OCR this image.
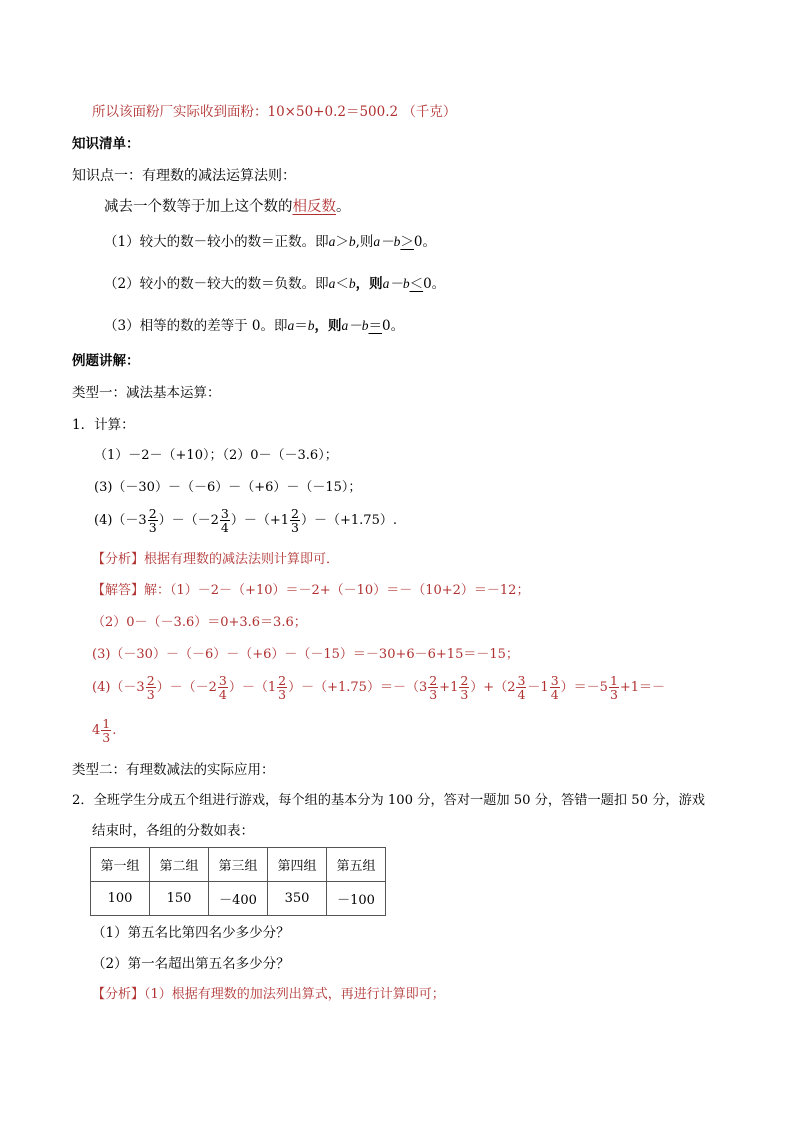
所以该面粉厂实际收到面粉：10×50+0.2＝500.2 （千克）
知识清单：
知识点一：有理数的减法运算法则：
减去一个数等于加上这个数的相反数。
（1）较大的数－较小的数＝正数。即a＞b,则a－b＞0。
（2）较小的数－较大的数＝负数。即a＜b，则a－b＜0。
（3）相等的数的差等于 0。即a＝b，则a－b＝0。
例题讲解：
类型一：减法基本运算：
1．计算：
（1）－2－（+10）；（2）0－（－3.6）；
(3)（－30）－（－6）－（+6）－（－15）；
$(4)(-3 \frac{2}{3} )-(-2 \frac{3}{4} )-(+1 \frac{2}{3} )-(+1.75)$.
【分析】根据有理数的减法法则计算即可．
【解答】解：（1）－2－（+10）＝－2+（－10）＝－（10+2）＝－12；
（2）0－（－3.6）＝0+3.6＝3.6；
(3)（－30）－（－6）－（+6）－（－15）＝－30+6－6+15＝－15；
$(4)(-3 \frac{2}{3} )-(-2 \frac{3}{4} )-(1 \frac{2}{3} )-(+1.75)=-(3 \frac{2}{3} +1 \frac{2}{3} )+(2 \frac{3}{4} -1 \frac{3}{4} )=-5 \frac{1}{3} +1=-$
$4 \frac{1}{3}$ .
类型二：有理数减法的实际应用：
2．全班学生分成五个组进行游戏，每个组的基本分为 100 分，答对一题加 50 分，答错一题扣 50 分，游戏
结束时，各组的分数如表：
第一组	第二组	第三组	第四组	第五组
100	150	－400	350	－100
（1）第五名比第四名少多少分？
（2）第一名超出第五名多少分？
【分析】（1）根据有理数的加法列出算式，再进行计算即可；
